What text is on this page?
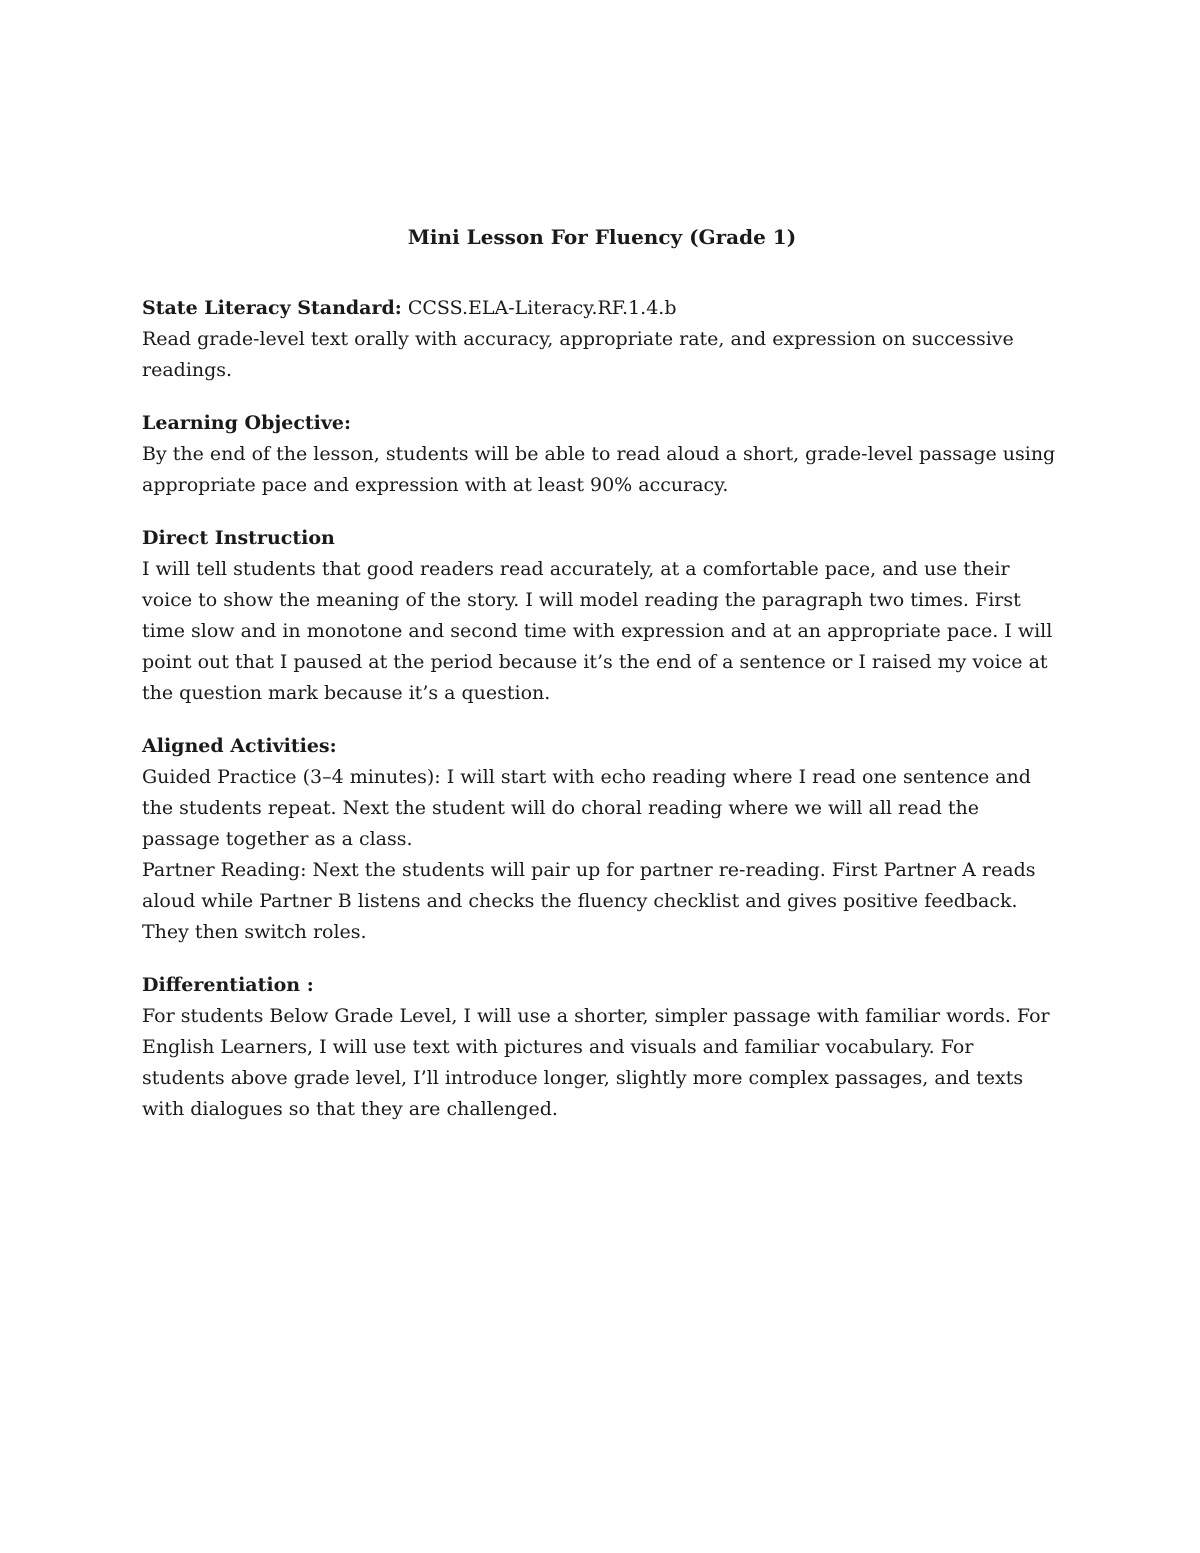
Mini Lesson For Fluency (Grade 1)

State Literacy Standard: CCSS.ELA-Literacy.RF.1.4.b

Read grade-level text orally with accuracy, appropriate rate, and expression on successive readings.

Learning Objective:

By the end of the lesson, students will be able to read aloud a short, grade-level passage using appropriate pace and expression with at least 90% accuracy.

Direct Instruction

I will tell students that good readers read accurately, at a comfortable pace, and use their voice to show the meaning of the story. I will model reading the paragraph two times. First time slow and in monotone and second time with expression and at an appropriate pace. I will point out that I paused at the period because it’s the end of a sentence or I raised my voice at the question mark because it’s a question.

Aligned Activities:

Guided Practice (3–4 minutes): I will start with echo reading where I read one sentence and the students repeat. Next the student will do choral reading where we will all read the passage together as a class.

Partner Reading: Next the students will pair up for partner re-reading. First Partner A reads aloud while Partner B listens and checks the fluency checklist and gives positive feedback. They then switch roles.

Differentiation :

For students Below Grade Level, I will use a shorter, simpler passage with familiar words. For English Learners, I will use text with pictures and visuals and familiar vocabulary. For students above grade level, I’ll introduce longer, slightly more complex passages, and texts with dialogues so that they are challenged.
